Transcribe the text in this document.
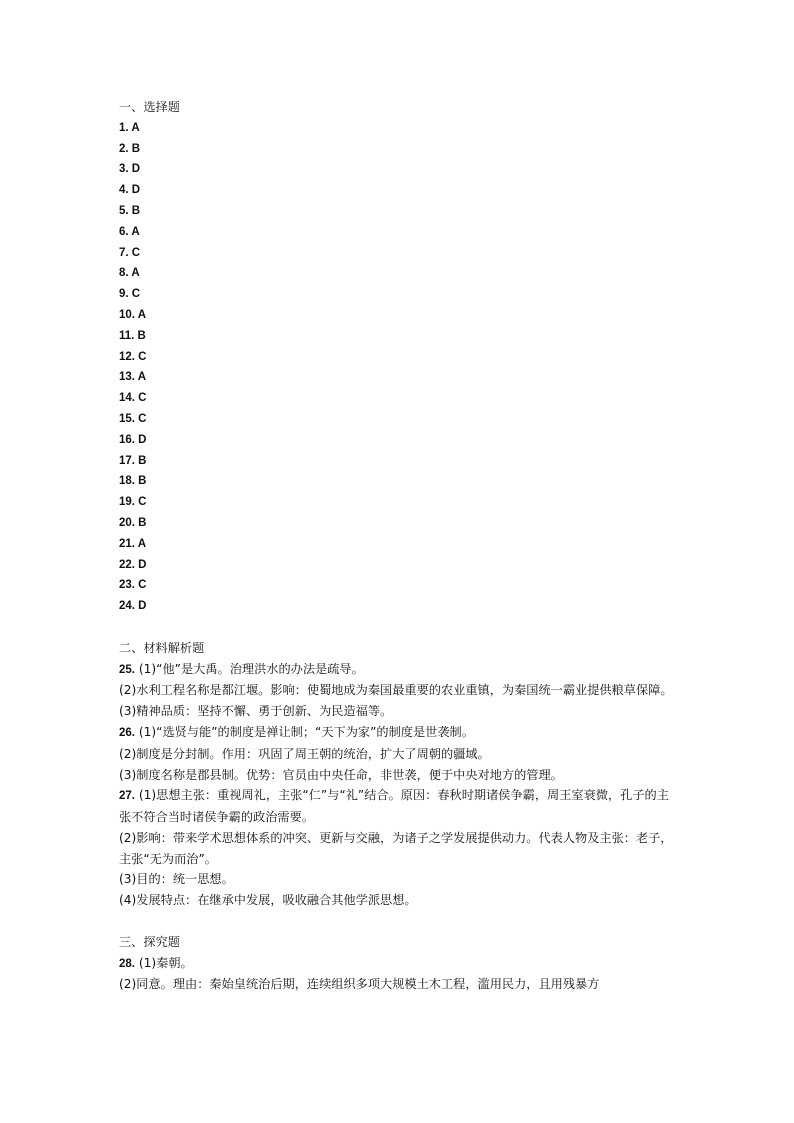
一、选择题
1. A
2. B
3. D
4. D
5. B
6. A
7. C
8. A
9. C
10. A
11. B
12. C
13. A
14. C
15. C
16. D
17. B
18. B
19. C
20. B
21. A
22. D
23. C
24. D
二、材料解析题
25. (1)“他”是大禹。治理洪水的办法是疏导。
(2)水利工程名称是都江堰。影响：使蜀地成为秦国最重要的农业重镇，为秦国统一霸业提供粮草保障。
(3)精神品质：坚持不懈、勇于创新、为民造福等。
26. (1)“选贤与能”的制度是禅让制；“天下为家”的制度是世袭制。
(2)制度是分封制。作用：巩固了周王朝的统治，扩大了周朝的疆域。
(3)制度名称是郡县制。优势：官员由中央任命，非世袭，便于中央对地方的管理。
27. (1)思想主张：重视周礼，主张“仁”与“礼”结合。原因：春秋时期诸侯争霸，周王室衰微，孔子的主张不符合当时诸侯争霸的政治需要。
(2)影响：带来学术思想体系的冲突、更新与交融，为诸子之学发展提供动力。代表人物及主张：老子，主张“无为而治”。
(3)目的：统一思想。
(4)发展特点：在继承中发展，吸收融合其他学派思想。
三、探究题
28. (1)秦朝。
(2)同意。理由：秦始皇统治后期，连续组织多项大规模土木工程，滥用民力，且用残暴方
